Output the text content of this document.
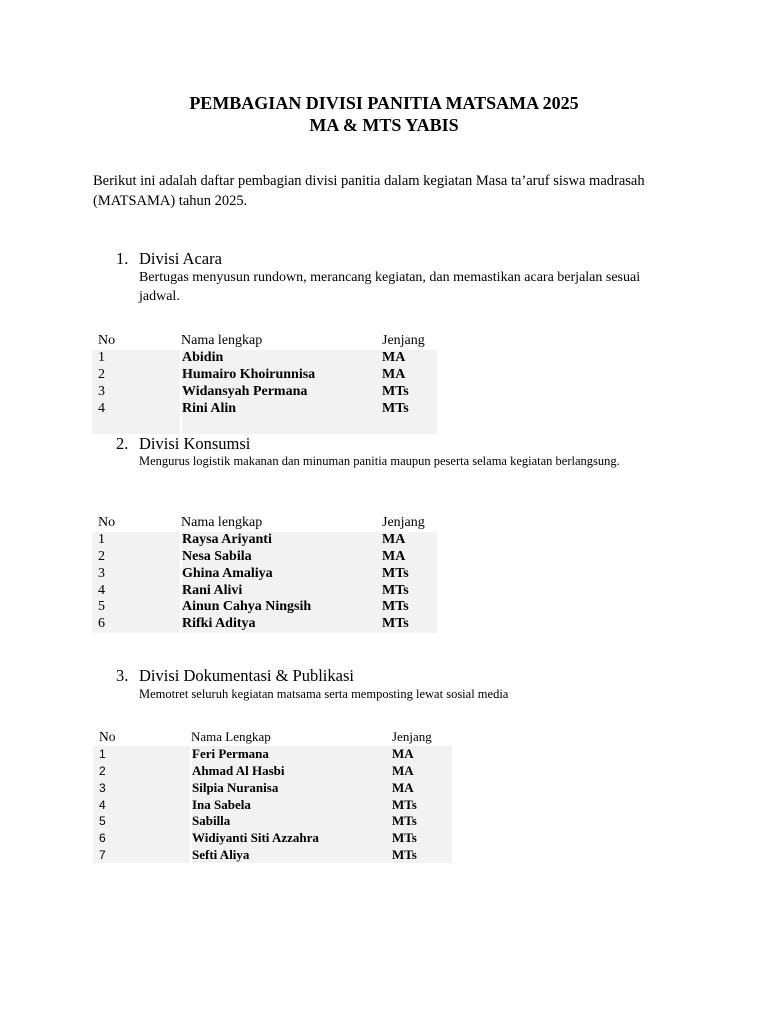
PEMBAGIAN DIVISI PANITIA MATSAMA 2025
MA & MTS YABIS
Berikut ini adalah daftar pembagian divisi panitia dalam kegiatan Masa ta’aruf siswa madrasah (MATSAMA) tahun 2025.
1. Divisi Acara
Bertugas menyusun rundown, merancang kegiatan, dan memastikan acara berjalan sesuai jadwal.
No	Nama lengkap	Jenjang
1	Abidin	MA
2	Humairo Khoirunnisa	MA
3	Widansyah Permana	MTs
4	Rini Alin	MTs

2. Divisi Konsumsi
Mengurus logistik makanan dan minuman panitia maupun peserta selama kegiatan berlangsung.
No	Nama lengkap	Jenjang
1	Raysa Ariyanti	MA
2	Nesa Sabila	MA
3	Ghina Amaliya	MTs
4	Rani Alivi	MTs
5	Ainun Cahya Ningsih	MTs
6	Rifki Aditya	MTs
3. Divisi Dokumentasi & Publikasi
Memotret seluruh kegiatan matsama serta memposting lewat sosial media
No	Nama Lengkap	Jenjang
1	Feri Permana	MA
2	Ahmad Al Hasbi	MA
3	Silpia Nuranisa	MA
4	Ina Sabela	MTs
5	Sabilla	MTs
6	Widiyanti Siti Azzahra	MTs
7	Sefti Aliya	MTs
